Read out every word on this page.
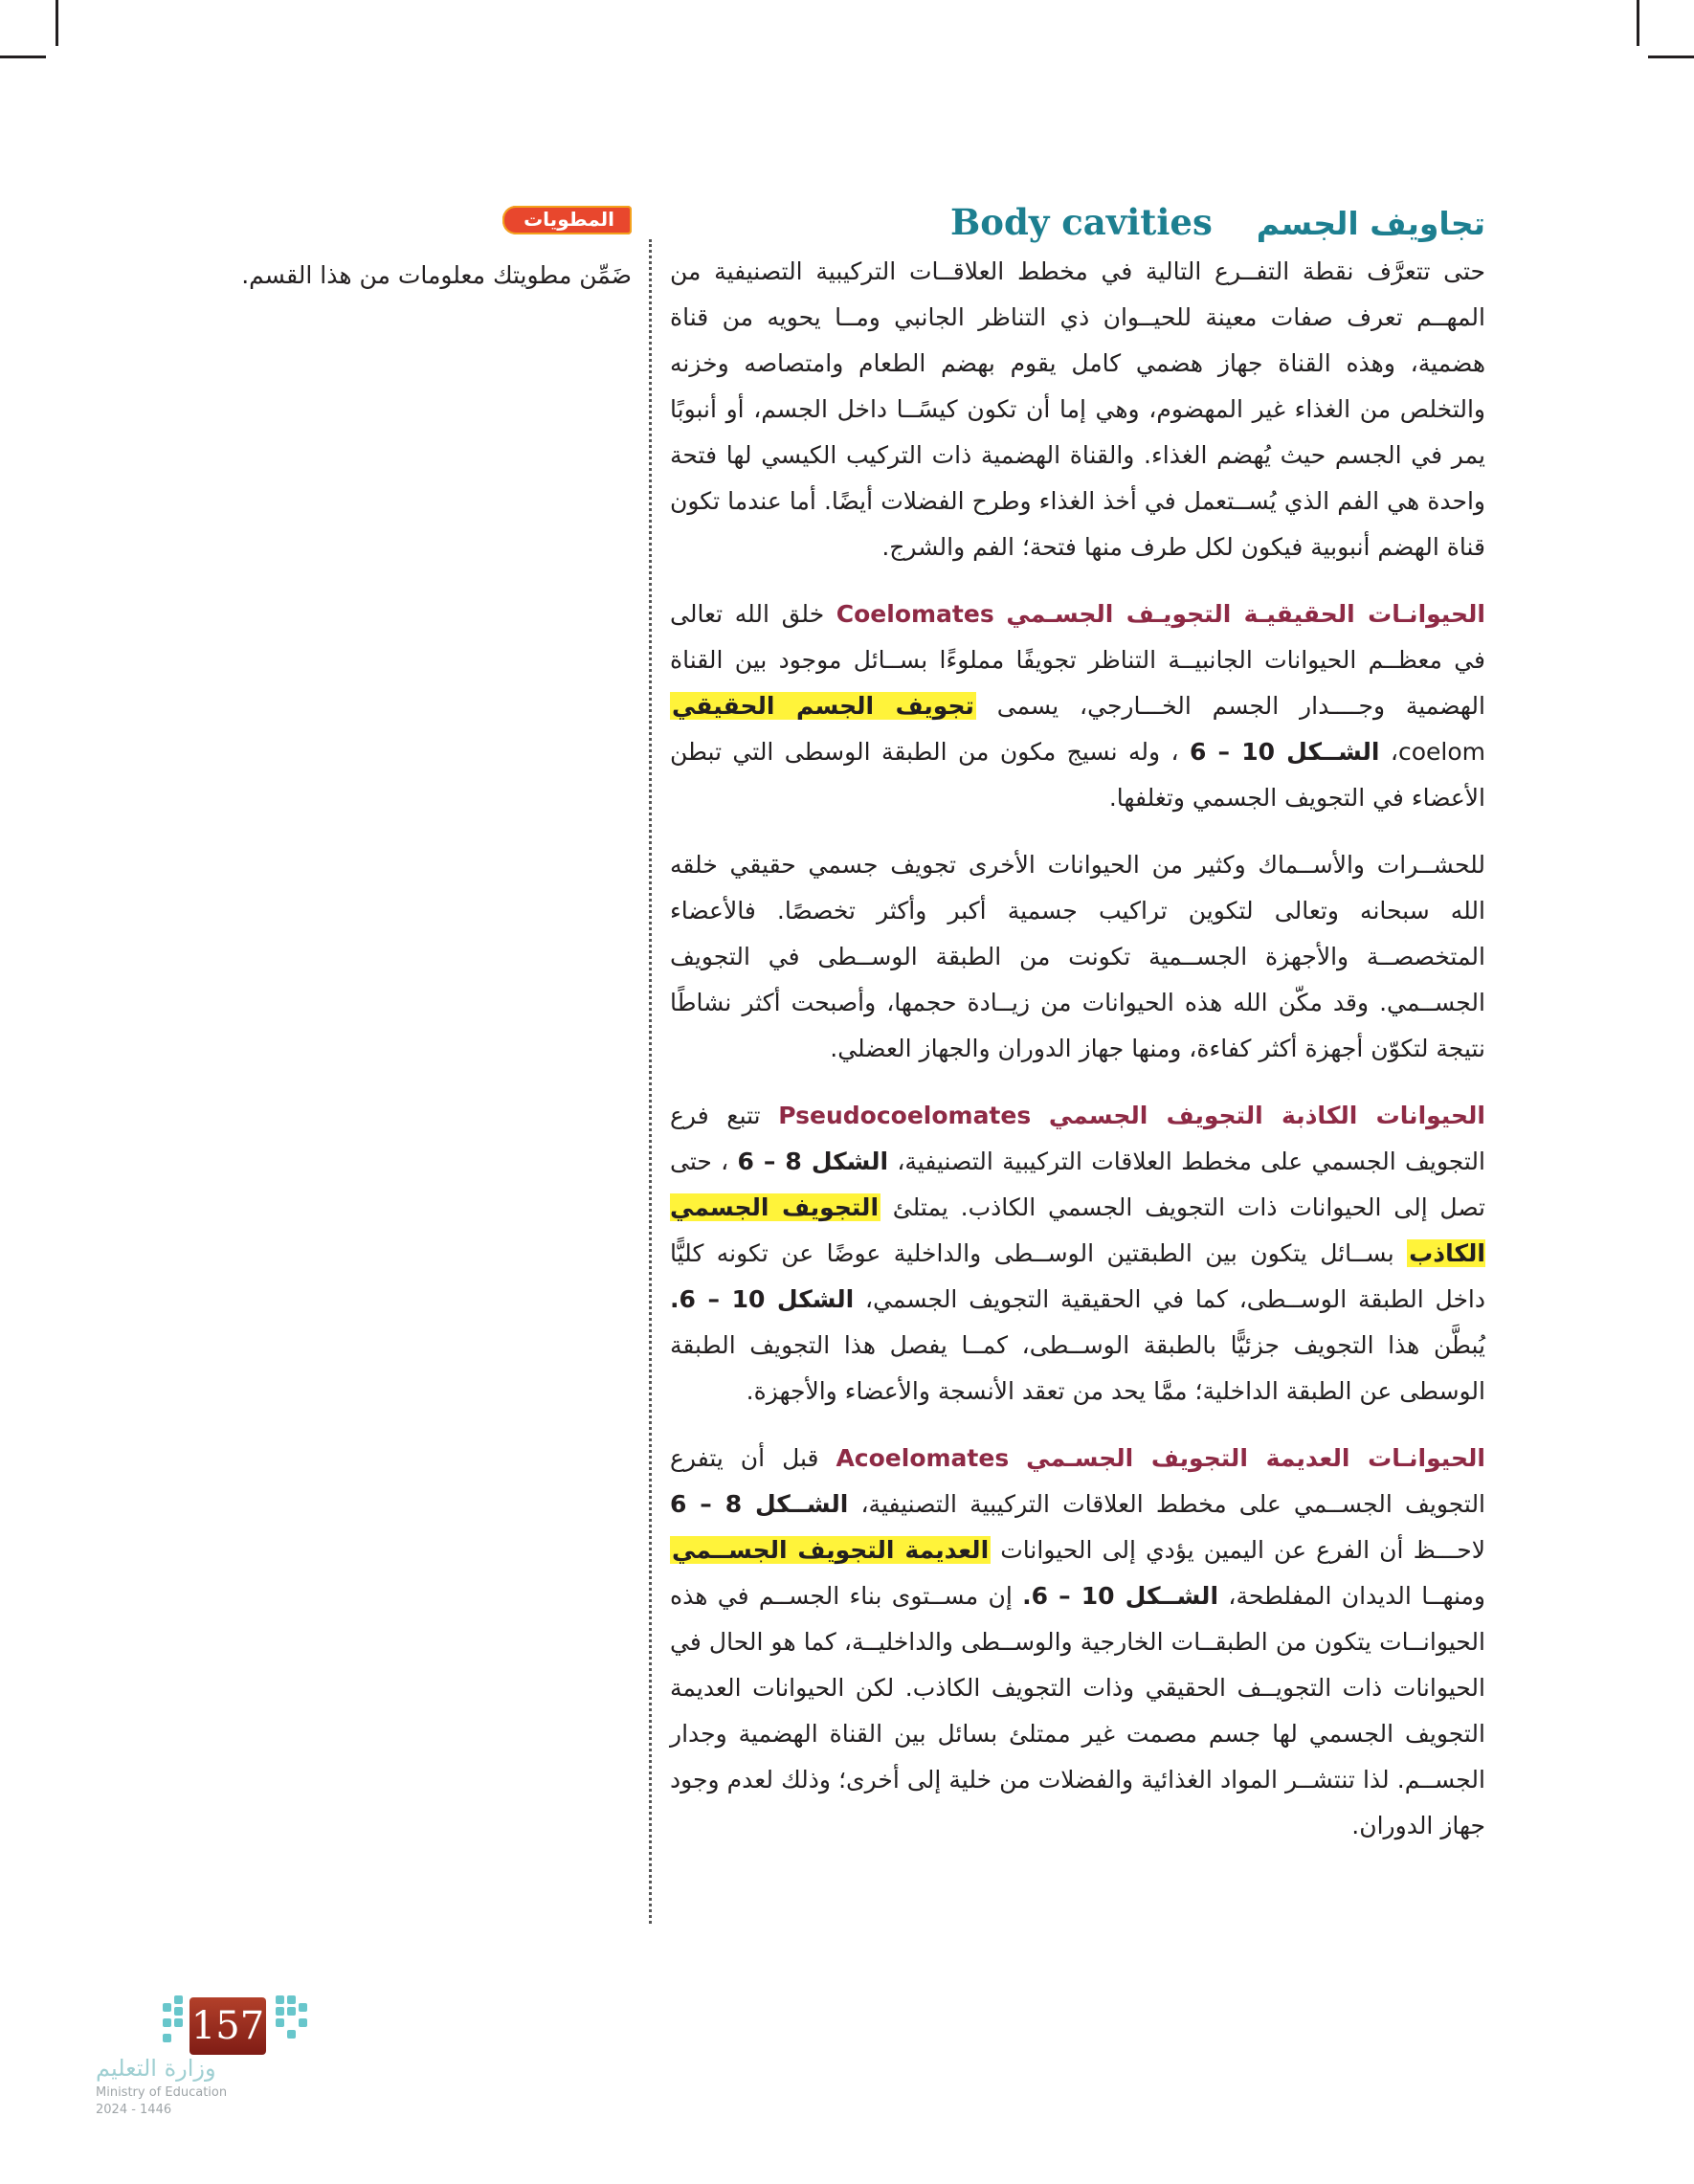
المطويات
ضَمِّن مطويتك معلومات من هذا القسم.
تجاويف الجسم
Body cavities

حتى تتعرَّف نقطة التفــرع التالية في مخطط العلاقــات التركيبية التصنيفية من المهــم تعرف صفات معينة للحيــوان ذي التناظر الجانبي ومــا يحويه من قناة هضمية، وهذه القناة جهاز هضمي كامل يقوم بهضم الطعام وامتصاصه وخزنه والتخلص من الغذاء غير المهضوم، وهي إما أن تكون كيسًــا داخل الجسم، أو أنبوبًا يمر في الجسم حيث يُهضم الغذاء. والقناة الهضمية ذات التركيب الكيسي لها فتحة واحدة هي الفم الذي يُســتعمل في أخذ الغذاء وطرح الفضلات أيضًا. أما عندما تكون قناة الهضم أنبوبية فيكون لكل طرف منها فتحة؛ الفم والشرج.

الحيوانـات الحقيقيـة التجويـف الجسـمي Coelomates خلق الله تعالى في معظــم الحيوانات الجانبيــة التناظر تجويفًا مملوءًا بســائل موجود بين القناة الهضمية وجــــدار الجسم الخـــارجي، يسمى تجويف الجسم الحقيقي coelom، الشــكل 10 – 6 ، وله نسيج مكون من الطبقة الوسطى التي تبطن الأعضاء في التجويف الجسمي وتغلفها.

للحشــرات والأســماك وكثير من الحيوانات الأخرى تجويف جسمي حقيقي خلقه الله سبحانه وتعالى لتكوين تراكيب جسمية أكبر وأكثر تخصصًا. فالأعضاء المتخصصــة والأجهزة الجســمية تكونت من الطبقة الوســطى في التجويف الجســمي. وقد مكّن الله هذه الحيوانات من زيــادة حجمها، وأصبحت أكثر نشاطًا نتيجة لتكوّن أجهزة أكثر كفاءة، ومنها جهاز الدوران والجهاز العضلي.

الحيوانات الكاذبة التجويف الجسمي Pseudocoelomates تتبع فرع التجويف الجسمي على مخطط العلاقات التركيبية التصنيفية، الشكل 8 – 6 ، حتى تصل إلى الحيوانات ذات التجويف الجسمي الكاذب. يمتلئ التجويف الجسمي الكاذب بســائل يتكون بين الطبقتين الوســطى والداخلية عوضًا عن تكونه كليًّا داخل الطبقة الوســطى، كما في الحقيقية التجويف الجسمي، الشكل 10 – 6. يُبطَّن هذا التجويف جزئيًّا بالطبقة الوســطى، كمــا يفصل هذا التجويف الطبقة الوسطى عن الطبقة الداخلية؛ ممَّا يحد من تعقد الأنسجة والأعضاء والأجهزة.

الحيوانـات العديمة التجويف الجسـمي Acoelomates قبل أن يتفرع التجويف الجســمي على مخطط العلاقات التركيبية التصنيفية، الشــكل 8 – 6 لاحـــظ أن الفرع عن اليمين يؤدي إلى الحيوانات العديمة التجويف الجســمي ومنهــا الديدان المفلطحة، الشــكل 10 – 6. إن مســتوى بناء الجســم في هذه الحيوانــات يتكون من الطبقــات الخارجية والوســطى والداخليــة، كما هو الحال في الحيوانات ذات التجويــف الحقيقي وذات التجويف الكاذب. لكن الحيوانات العديمة التجويف الجسمي لها جسم مصمت غير ممتلئ بسائل بين القناة الهضمية وجدار الجســم. لذا تنتشــر المواد الغذائية والفضلات من خلية إلى أخرى؛ وذلك لعدم وجود جهاز الدوران.

157
وزارة التعليم
Ministry of Education
2024 - 1446
